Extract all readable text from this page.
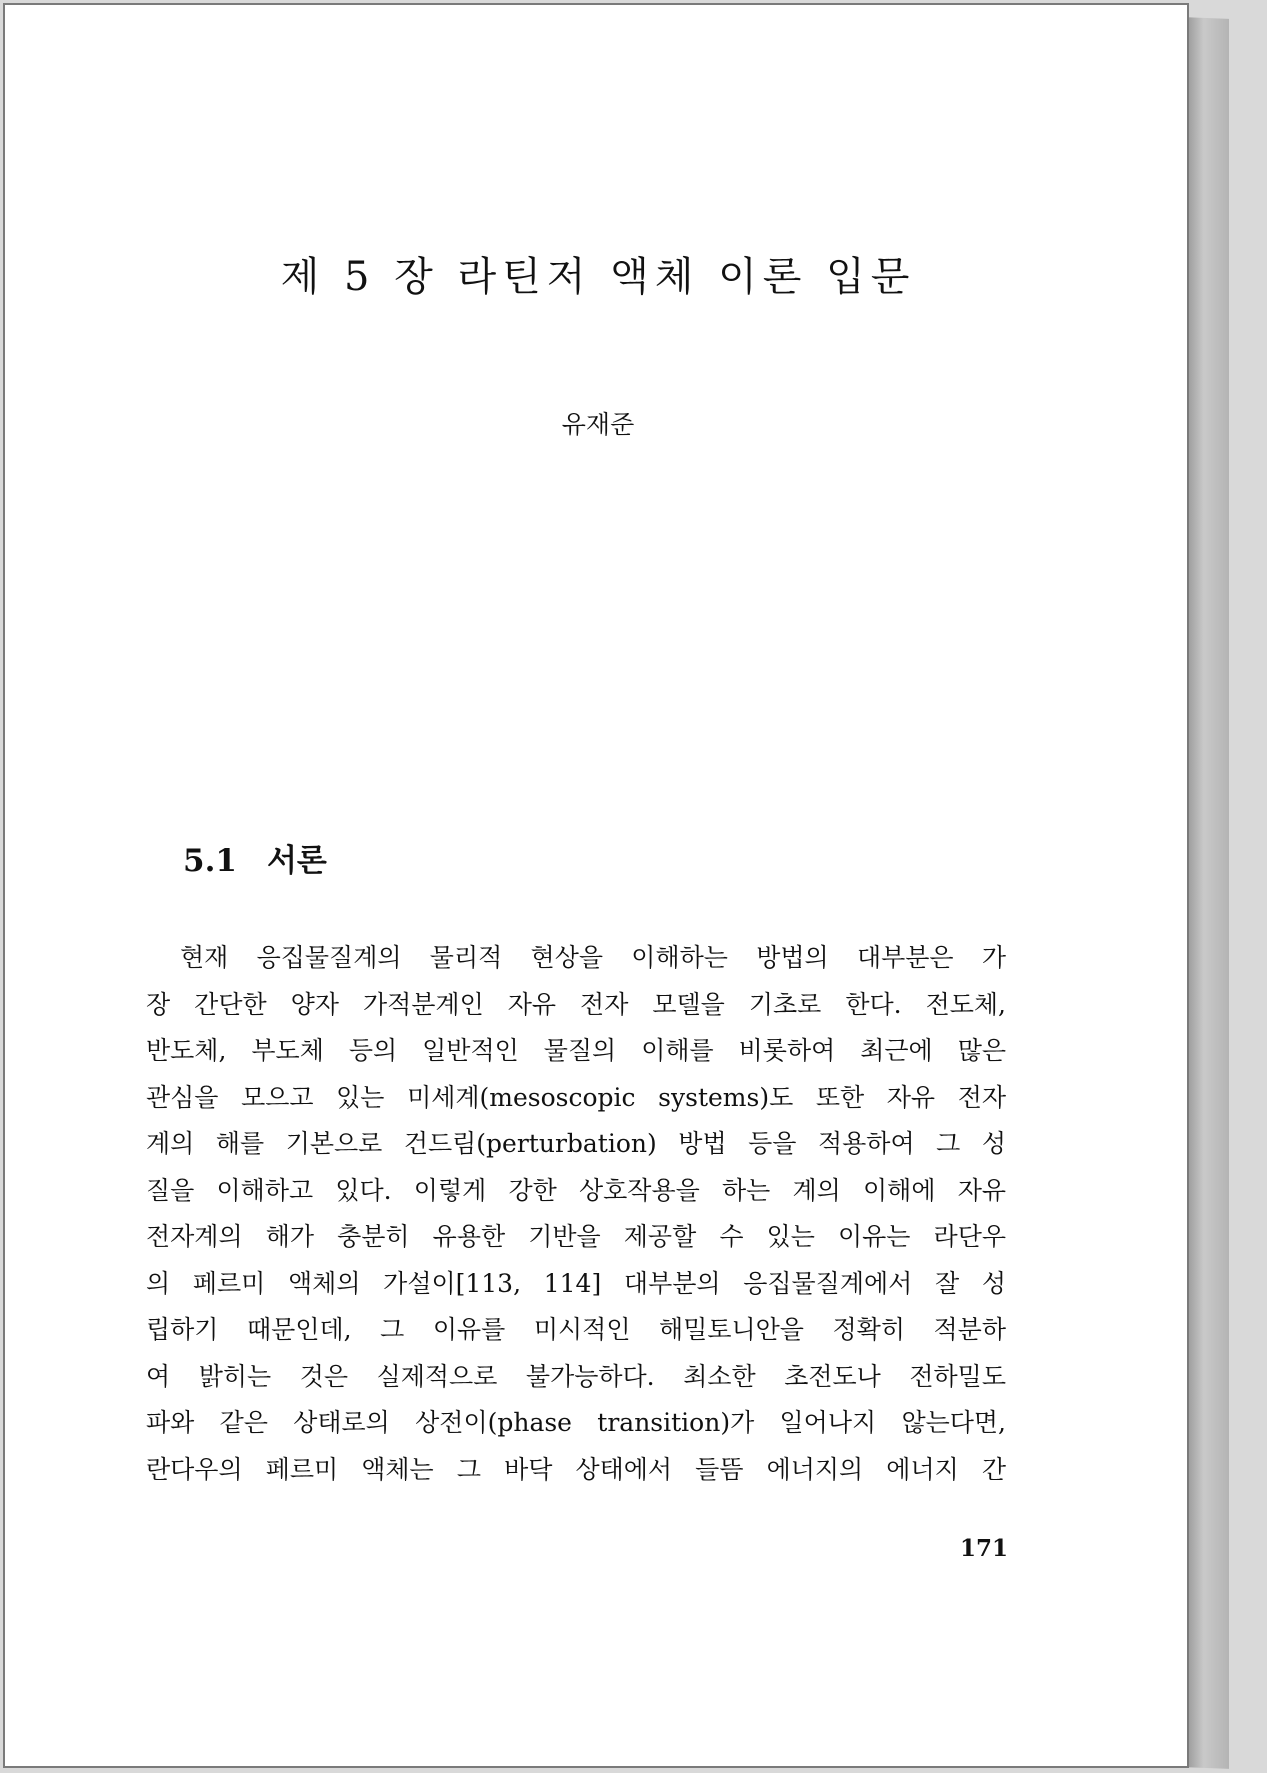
제 5 장 라틴저 액체 이론 입문
유재준
5.1 서론
현재 응집물질계의 물리적 현상을 이해하는 방법의 대부분은 가
장 간단한 양자 가적분계인 자유 전자 모델을 기초로 한다. 전도체,
반도체, 부도체 등의 일반적인 물질의 이해를 비롯하여 최근에 많은
관심을 모으고 있는 미세계(mesoscopic systems)도 또한 자유 전자
계의 해를 기본으로 건드림(perturbation) 방법 등을 적용하여 그 성
질을 이해하고 있다. 이렇게 강한 상호작용을 하는 계의 이해에 자유
전자계의 해가 충분히 유용한 기반을 제공할 수 있는 이유는 라단우
의 페르미 액체의 가설이[113, 114] 대부분의 응집물질계에서 잘 성
립하기 때문인데, 그 이유를 미시적인 해밀토니안을 정확히 적분하
여 밝히는 것은 실제적으로 불가능하다. 최소한 초전도나 전하밀도
파와 같은 상태로의 상전이(phase transition)가 일어나지 않는다면,
란다우의 페르미 액체는 그 바닥 상태에서 들뜸 에너지의 에너지 간
171
